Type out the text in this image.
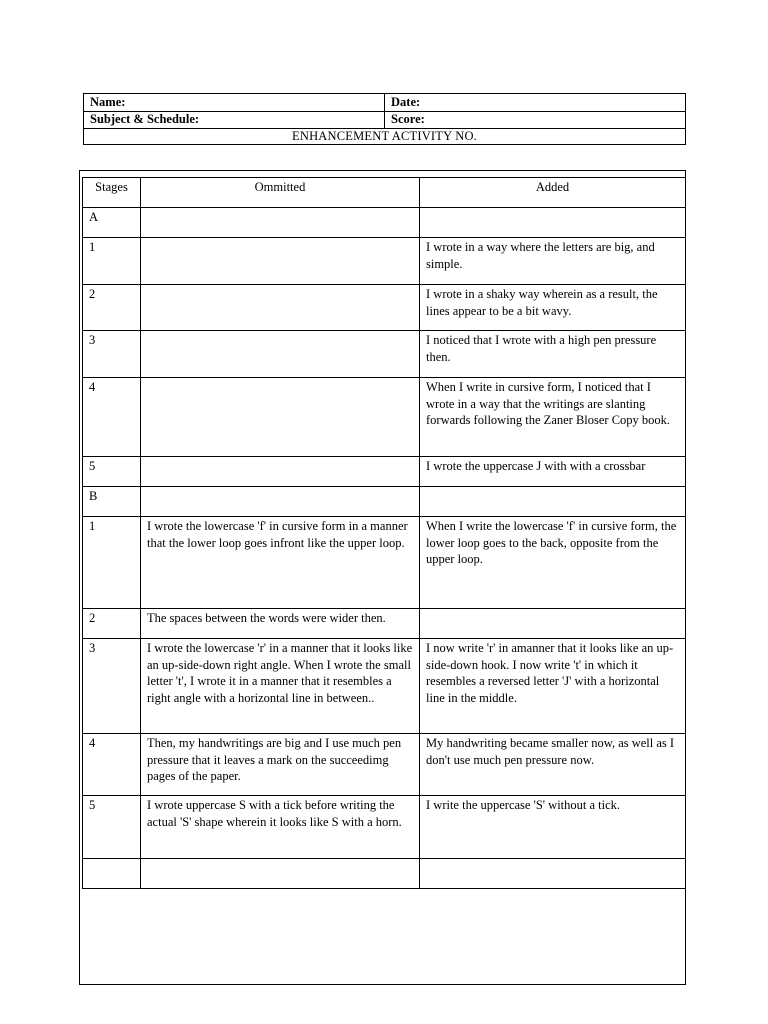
Name:	Date:
Subject & Schedule:	Score:
ENHANCEMENT ACTIVITY NO.
Stages	Ommitted	Added
A		
1		I wrote in a way where the letters are big, and simple.
2		I wrote in a shaky way wherein as a result, the lines appear to be a bit wavy.
3		I noticed that I wrote with a high pen pressure then.
4		When I write in cursive form, I noticed that I wrote in a way that the writings are slanting forwards following the Zaner Bloser Copy book.
5		I wrote the uppercase J with with a crossbar
B		
1	I wrote the lowercase 'f' in cursive form in a manner that the lower loop goes infront like the upper loop.	When I write the lowercase 'f' in cursive form, the lower loop goes to the back, opposite from the upper loop.
2	The spaces between the words were wider then.	
3	I wrote the lowercase 'r' in a manner that it looks like an up-side-down right angle. When I wrote the small letter 't', I wrote it in a manner that it resembles a right angle with a horizontal line in between..	I now write 'r' in amanner that it looks like an up-side-down hook. I now write 't' in which it resembles a reversed letter 'J' with a horizontal line in the middle.
4	Then, my handwritings are big and I use much pen pressure that it leaves a mark on the succeedimg pages of the paper.	My handwriting became smaller now, as well as I don't use much pen pressure now.
5	I wrote uppercase S with a tick before writing the actual 'S' shape wherein it looks like S with a horn.	I write the uppercase 'S' without a tick.
